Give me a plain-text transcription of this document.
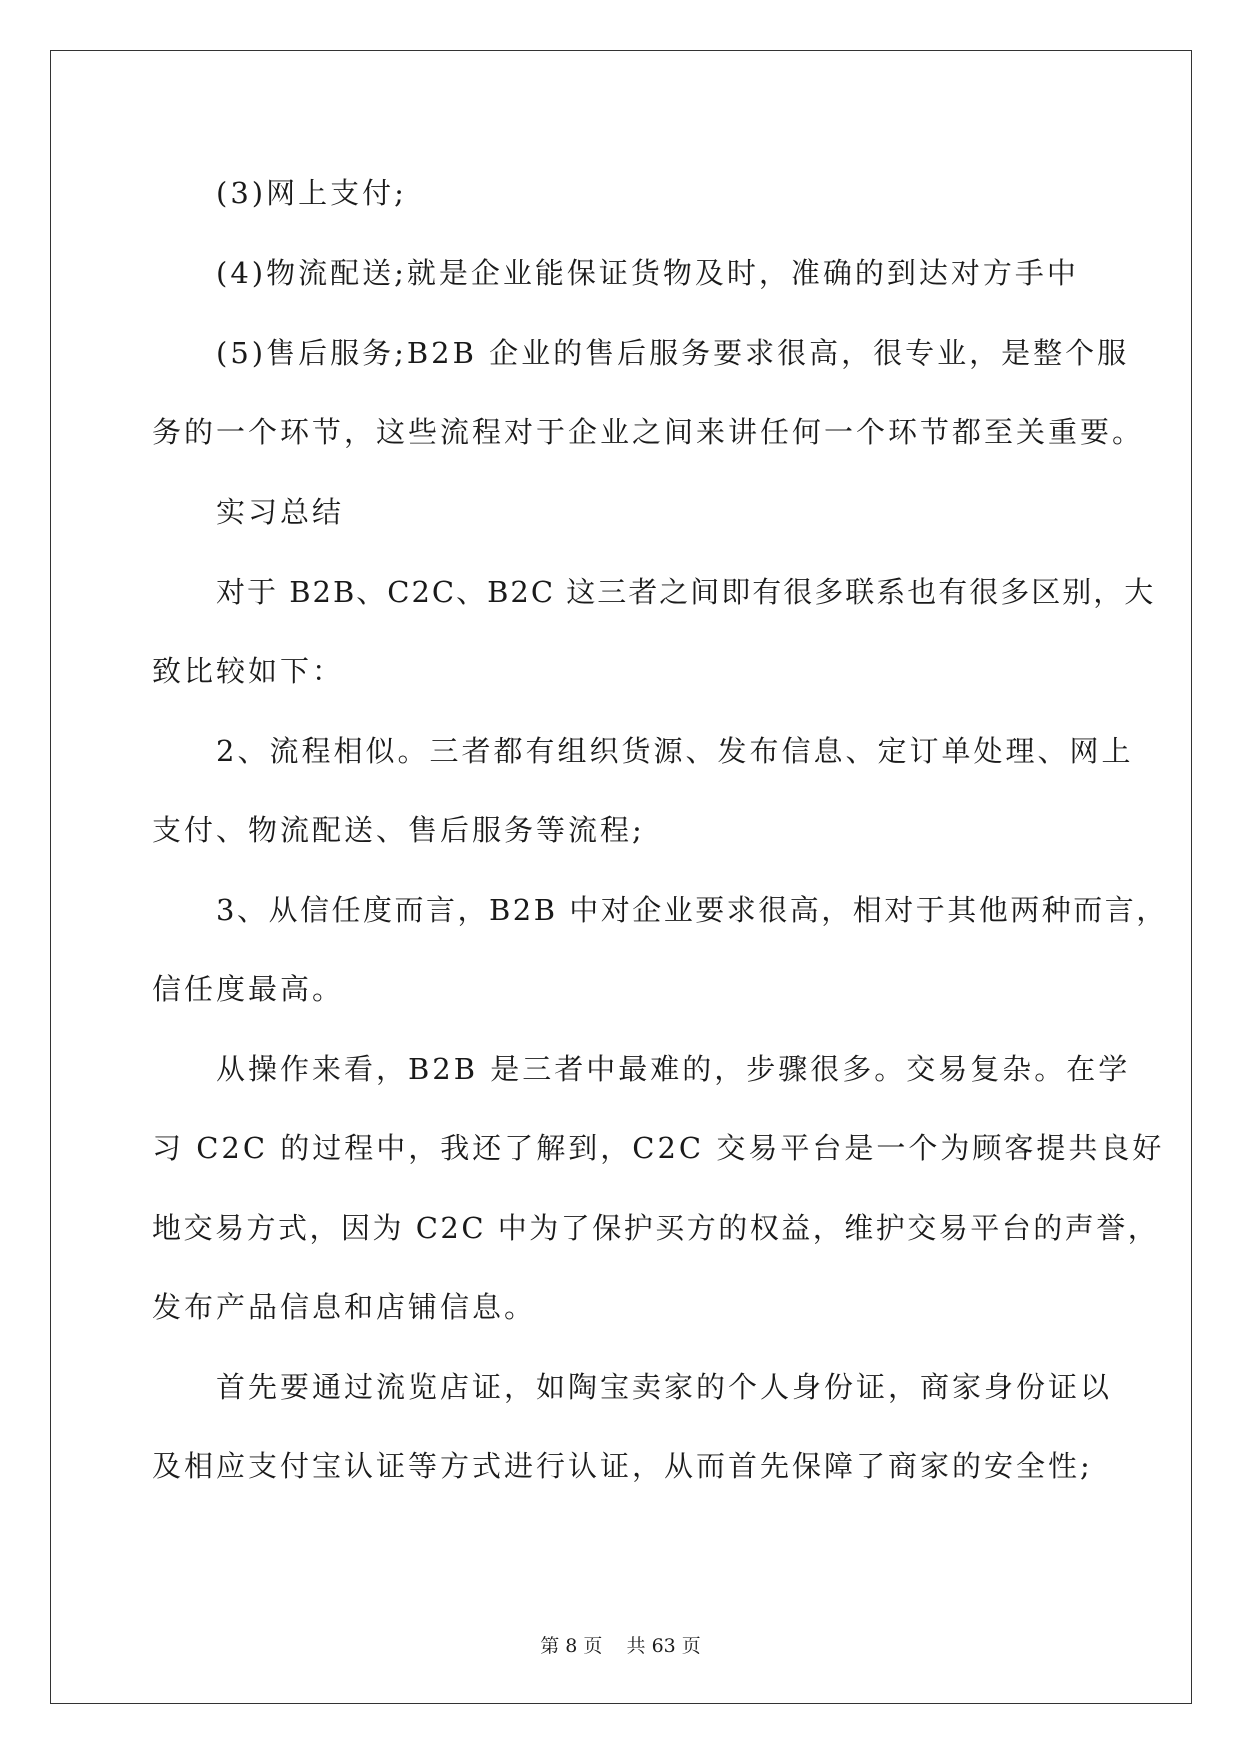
(3)网上支付;
(4)物流配送;就是企业能保证货物及时，准确的到达对方手中
(5)售后服务;B2B 企业的售后服务要求很高，很专业，是整个服
务的一个环节，这些流程对于企业之间来讲任何一个环节都至关重要。
实习总结
对于 B2B、C2C、B2C 这三者之间即有很多联系也有很多区别，大
致比较如下：
2、流程相似。三者都有组织货源、发布信息、定订单处理、网上
支付、物流配送、售后服务等流程;
3、从信任度而言，B2B 中对企业要求很高，相对于其他两种而言，
信任度最高。
从操作来看，B2B 是三者中最难的，步骤很多。交易复杂。在学
习 C2C 的过程中，我还了解到，C2C 交易平台是一个为顾客提共良好
地交易方式，因为 C2C 中为了保护买方的权益，维护交易平台的声誉，
发布产品信息和店铺信息。
首先要通过流览店证，如陶宝卖家的个人身份证，商家身份证以
及相应支付宝认证等方式进行认证，从而首先保障了商家的安全性;
第 8 页    共 63 页
